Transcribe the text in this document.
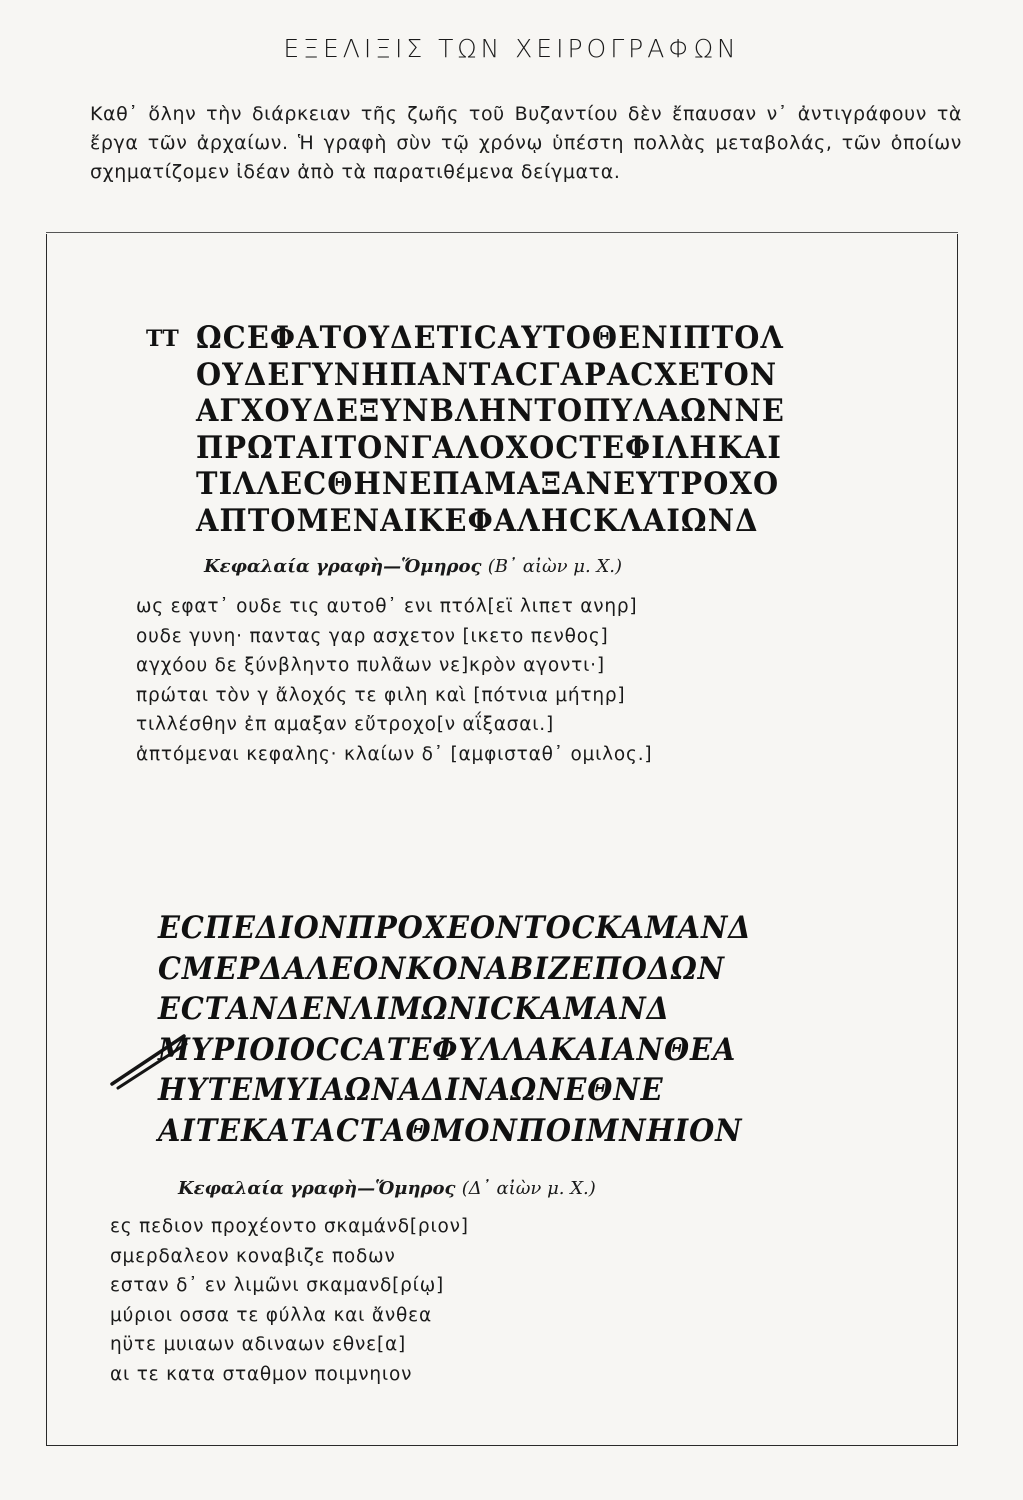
ΕΞΕΛΙΞΙΣ ΤΩΝ ΧΕΙΡΟΓΡΑΦΩΝ
Καθ᾽ ὅλην τὴν διάρκειαν τῆς ζωῆς τοῦ Βυζαντίου δὲν ἔπαυσαν ν᾽ ἀντιγράφουν τὰ ἔργα τῶν ἀρχαίων. Ἡ γραφὴ σὺν τῷ χρόνῳ ὑπέστη πολλὰς μεταβολάς, τῶν ὁποίων σχηματίζομεν ἰδέαν ἀπὸ τὰ παρατιθέμενα δείγματα.
ΤΤ ΩϹΕΦΑΤΟΥΔΕΤΙϹΑΥΤΟΘΕΝΙΠΤΟΛ
ΟΥΔΕΓΥΝΗΠΑΝΤΑϹΓΑΡΑϹΧΕΤΟΝ
ΑΓΧΟΥΔΕΞΥΝΒΛΗΝΤΟΠΥΛΑΩΝΝΕ
ΠΡΩΤΑΙΤΟΝΓΑΛΟΧΟϹΤΕΦΙΛΗΚΑΙ
ΤΙΛΛΕϹΘΗΝΕΠΑΜΑΞΑΝΕΥΤΡΟΧΟ
ΑΠΤΟΜΕΝΑΙΚΕΦΑΛΗϹΚΛΑΙΩΝΔ
Κεφαλαία γραφὴ—Ὅμηρος (Β᾽ αἰὼν μ. Χ.)
ως εφατ᾽ ουδε τις αυτοθ᾽ ενι πτόλ[εϊ λιπετ ανηρ]
ουδε γυνη· παντας γαρ ασχετον [ικετο πενθος]
αγχόου δε ξύνβληντο πυλᾶων νε]κρὸν αγοντι·]
πρώται τὸν γ ἄλοχός τε φιλη καὶ [πότνια μήτηρ]
τιλλέσθην ἐπ αμαξαν εὔτροχο[ν αΐξασαι.]
ἁπτόμεναι κεφαλης· κλαίων δ᾽ [αμφισταθ᾽ ομιλος.]
ΕϹΠΕΔΙΟΝΠΡΟΧΕΟΝΤΟϹΚΑΜΑΝΔ
ϹΜΕΡΔΑΛΕΟΝΚΟΝΑΒΙΖΕΠΟΔΩΝ
ΕϹΤΑΝΔΕΝΛΙΜΩΝΙϹΚΑΜΑΝΔ
ΜΥΡΙΟΙΟϹϹΑΤΕΦΥΛΛΑΚΑΙΑΝΘΕΑ
ΗΥΤΕΜΥΙΑΩΝΑΔΙΝΑΩΝΕΘΝΕ
ΑΙΤΕΚΑΤΑϹΤΑΘΜΟΝΠΟΙΜΝΗΙΟΝ
Κεφαλαία γραφὴ—Ὅμηρος (Δ᾽ αἰὼν μ. Χ.)
ες πεδιον προχέοντο σκαμάνδ[ριον]
σμερδαλεον κοναβιζε ποδων
εσταν δ᾽ εν λιμῶνι σκαμανδ[ρίῳ]
μύριοι οσσα τε φύλλα και ἄνθεα
ηϋτε μυιαων αδιναων εθνε[α]
αι τε κατα σταθμον ποιμνηιον
